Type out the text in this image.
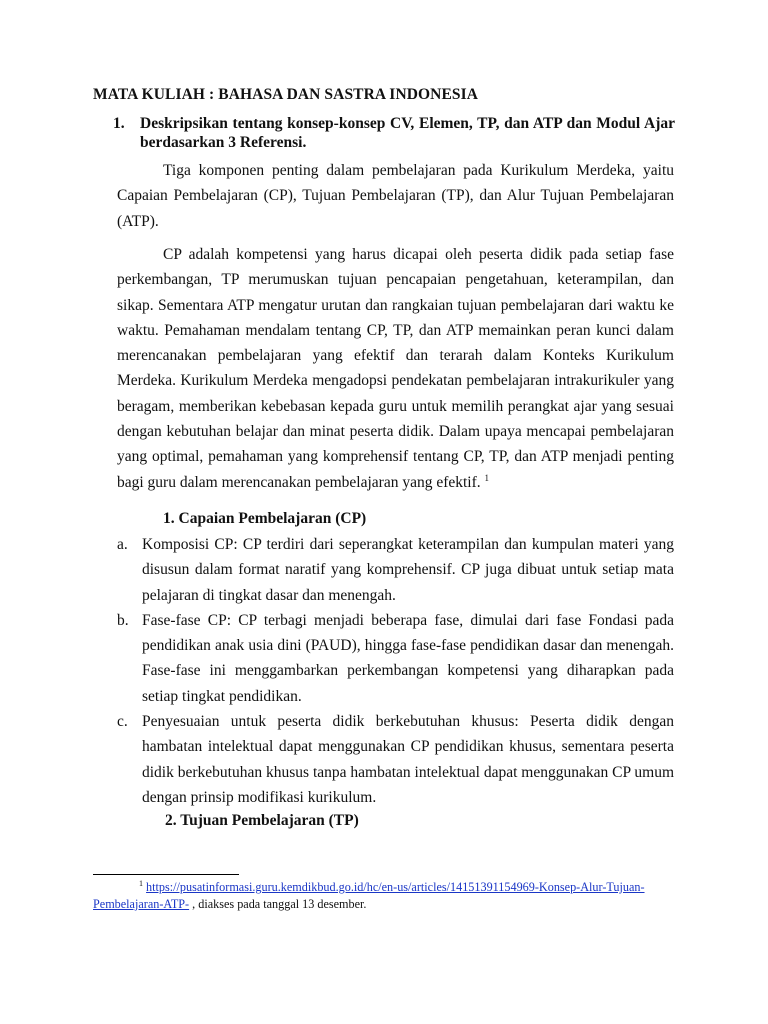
MATA KULIAH : BAHASA DAN SASTRA INDONESIA
1. Deskripsikan tentang konsep-konsep CV, Elemen, TP, dan ATP dan Modul Ajar berdasarkan 3 Referensi.

Tiga komponen penting dalam pembelajaran pada Kurikulum Merdeka, yaitu Capaian Pembelajaran (CP), Tujuan Pembelajaran (TP), dan Alur Tujuan Pembelajaran (ATP).

CP adalah kompetensi yang harus dicapai oleh peserta didik pada setiap fase perkembangan, TP merumuskan tujuan pencapaian pengetahuan, keterampilan, dan sikap. Sementara ATP mengatur urutan dan rangkaian tujuan pembelajaran dari waktu ke waktu. Pemahaman mendalam tentang CP, TP, dan ATP memainkan peran kunci dalam merencanakan pembelajaran yang efektif dan terarah dalam Konteks Kurikulum Merdeka. Kurikulum Merdeka mengadopsi pendekatan pembelajaran intrakurikuler yang beragam, memberikan kebebasan kepada guru untuk memilih perangkat ajar yang sesuai dengan kebutuhan belajar dan minat peserta didik. Dalam upaya mencapai pembelajaran yang optimal, pemahaman yang komprehensif tentang CP, TP, dan ATP menjadi penting bagi guru dalam merencanakan pembelajaran yang efektif. $^1$

1. Capaian Pembelajaran (CP)
a. Komposisi CP: CP terdiri dari seperangkat keterampilan dan kumpulan materi yang disusun dalam format naratif yang komprehensif. CP juga dibuat untuk setiap mata pelajaran di tingkat dasar dan menengah.
b. Fase-fase CP: CP terbagi menjadi beberapa fase, dimulai dari fase Fondasi pada pendidikan anak usia dini (PAUD), hingga fase-fase pendidikan dasar dan menengah. Fase-fase ini menggambarkan perkembangan kompetensi yang diharapkan pada setiap tingkat pendidikan.
c. Penyesuaian untuk peserta didik berkebutuhan khusus: Peserta didik dengan hambatan intelektual dapat menggunakan CP pendidikan khusus, sementara peserta didik berkebutuhan khusus tanpa hambatan intelektual dapat menggunakan CP umum dengan prinsip modifikasi kurikulum.
2. Tujuan Pembelajaran (TP)
$^1$ https://pusatinformasi.guru.kemdikbud.go.id/hc/en-us/articles/14151391154969-Konsep-Alur-Tujuan-Pembelajaran-ATP- , diakses pada tanggal 13 desember.
